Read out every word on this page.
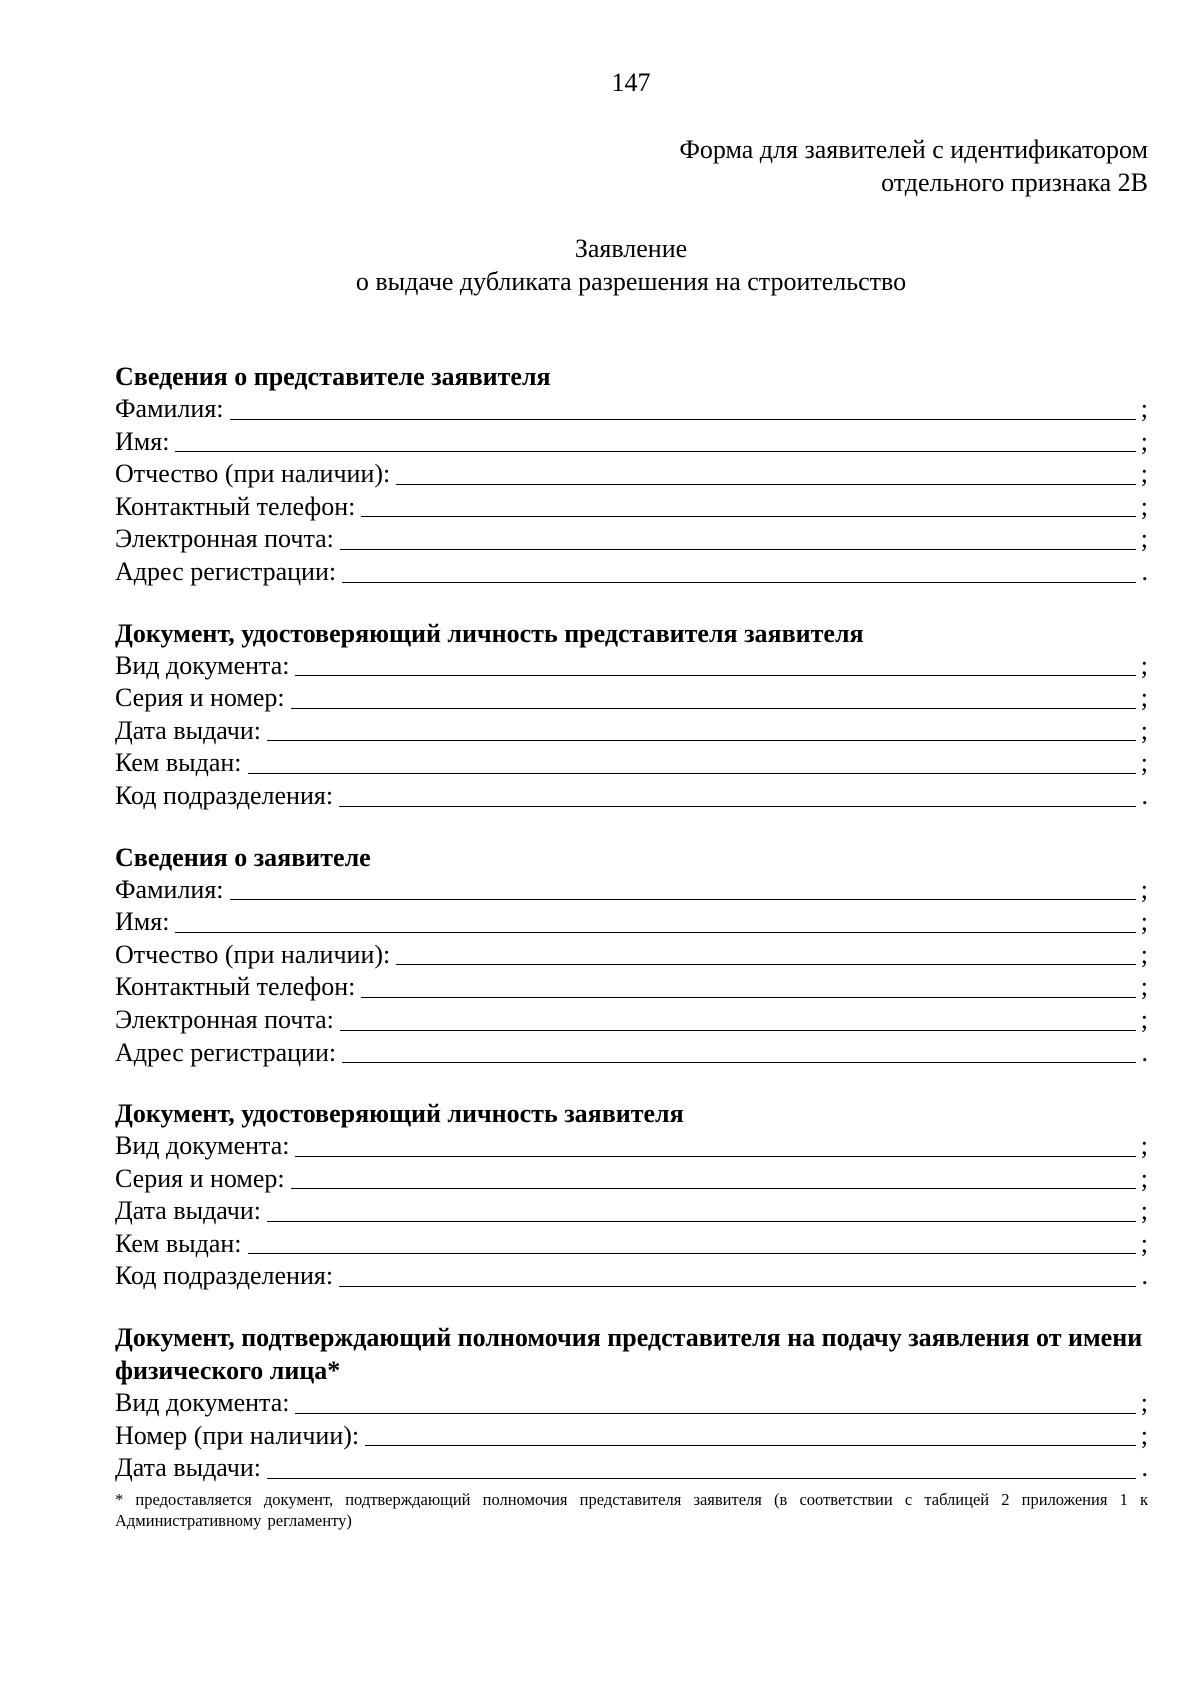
147
Форма для заявителей с идентификатором
отдельного признака 2В
Заявление
о выдаче дубликата разрешения на строительство
Сведения о представителе заявителя
Фамилия:	;
Имя:	;
Отчество (при наличии):	;
Контактный телефон:	;
Электронная почта:	;
Адрес регистрации:	.
Документ, удостоверяющий личность представителя заявителя
Вид документа:	;
Серия и номер:	;
Дата выдачи:	;
Кем выдан:	;
Код подразделения:	.
Сведения о заявителе
Фамилия:	;
Имя:	;
Отчество (при наличии):	;
Контактный телефон:	;
Электронная почта:	;
Адрес регистрации:	.
Документ, удостоверяющий личность заявителя
Вид документа:	;
Серия и номер:	;
Дата выдачи:	;
Кем выдан:	;
Код подразделения:	.
Документ, подтверждающий полномочия представителя на подачу заявления от имени физического лица*
Вид документа:	;
Номер (при наличии):	;
Дата выдачи:	.
* предоставляется документ, подтверждающий полномочия представителя заявителя (в соответствии с таблицей 2 приложения 1 к Административному регламенту)
